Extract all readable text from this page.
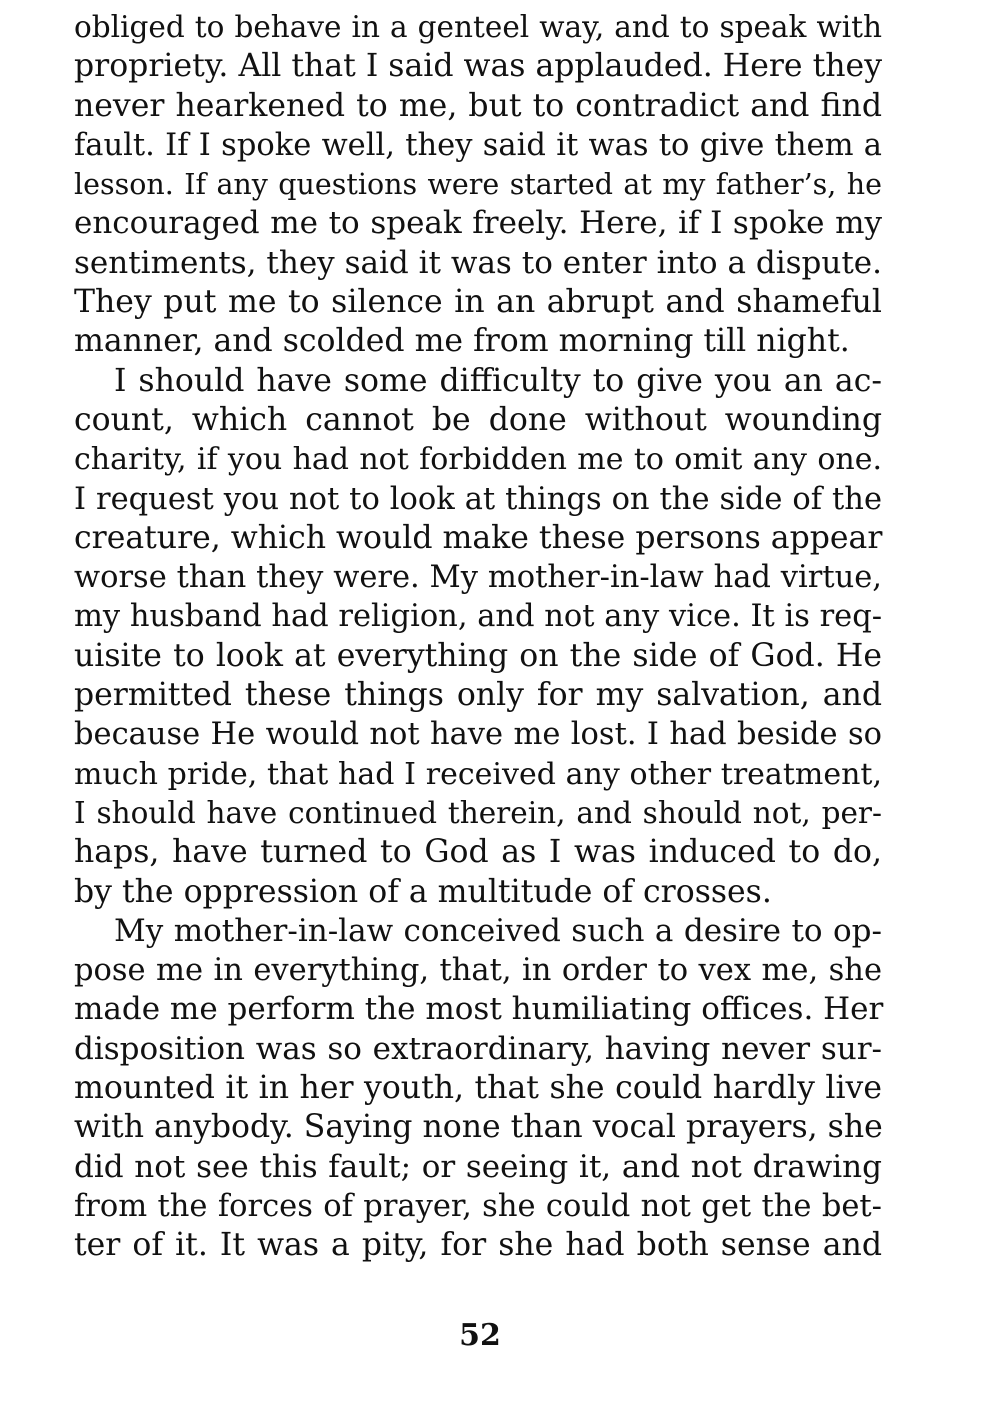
obliged to behave in a genteel way, and to speak with
propriety. All that I said was applauded. Here they
never hearkened to me, but to contradict and find
fault. If I spoke well, they said it was to give them a
lesson. If any questions were started at my father’s, he
encouraged me to speak freely. Here, if I spoke my
sentiments, they said it was to enter into a dispute.
They put me to silence in an abrupt and shameful
manner, and scolded me from morning till night.
I should have some difficulty to give you an ac-
count, which cannot be done without wounding
charity, if you had not forbidden me to omit any one.
I request you not to look at things on the side of the
creature, which would make these persons appear
worse than they were. My mother-in-law had virtue,
my husband had religion, and not any vice. It is req-
uisite to look at everything on the side of God. He
permitted these things only for my salvation, and
because He would not have me lost. I had beside so
much pride, that had I received any other treatment,
I should have continued therein, and should not, per-
haps, have turned to God as I was induced to do,
by the oppression of a multitude of crosses.
My mother-in-law conceived such a desire to op-
pose me in everything, that, in order to vex me, she
made me perform the most humiliating offices. Her
disposition was so extraordinary, having never sur-
mounted it in her youth, that she could hardly live
with anybody. Saying none than vocal prayers, she
did not see this fault; or seeing it, and not drawing
from the forces of prayer, she could not get the bet-
ter of it. It was a pity, for she had both sense and
52
